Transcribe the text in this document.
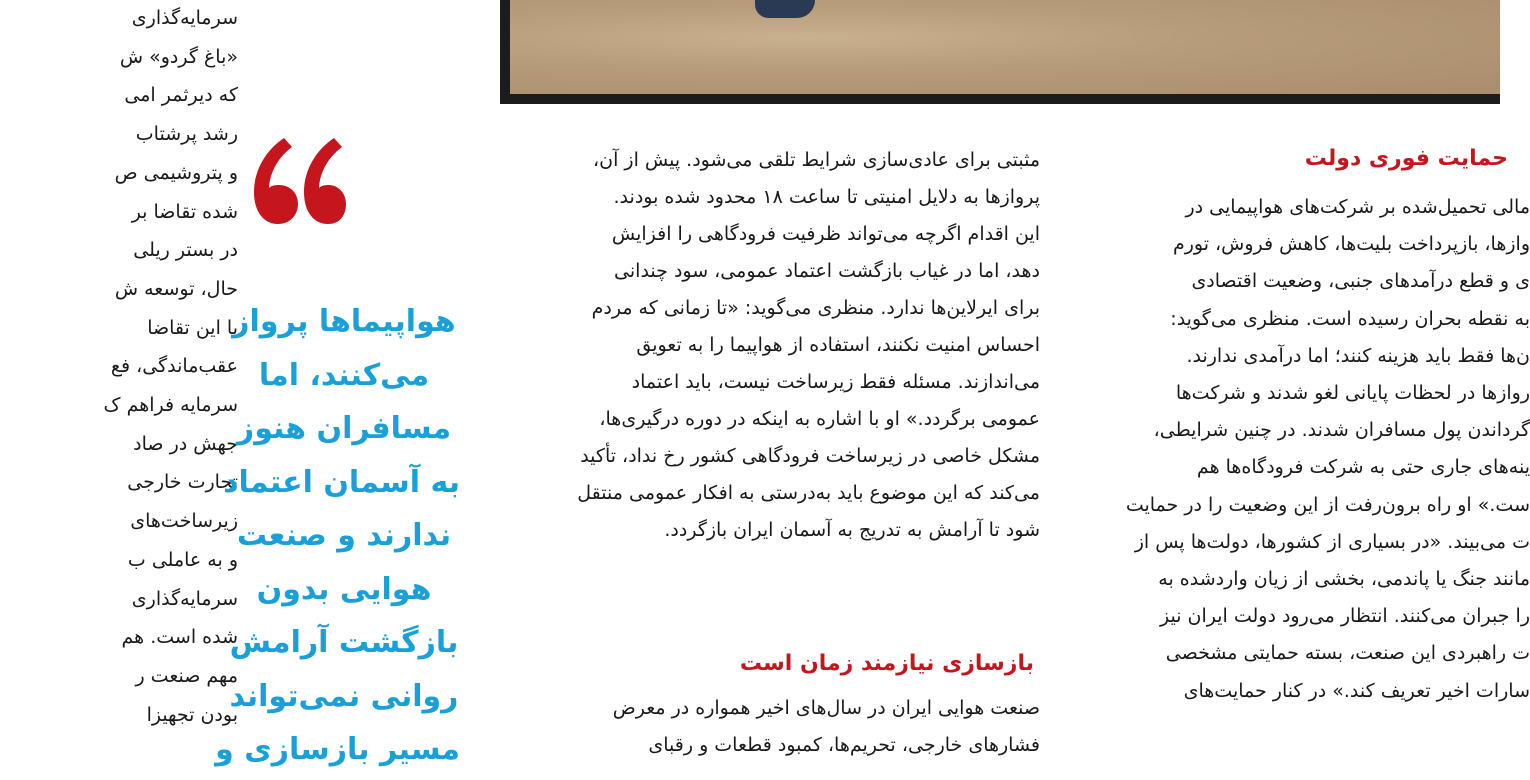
سرمایه‌گذاری
«باغ گردو» ش
که دیرثمر امی
رشد پرشتاب
و پتروشیمی ص
شده تقاضا بر
در بستر ریلی
حال، توسعه ش
با این تقاضا
عقب‌ماندگی، فع
سرمایه فراهم ک
جهش در صاد
تجارت خارجی
زیرساخت‌های
و به عاملی ب
سرمایه‌گذاری
شده است. هم
مهم صنعت ر
بودن تجهیزا
هواپیماها پرواز
می‌کنند، اما
مسافران هنوز
به آسمان اعتماد
ندارند و صنعت
هوایی بدون
بازگشت آرامش
روانی نمی‌تواند
مسیر بازسازی و
بازسازی نیازمند زمان است
مثبتی برای عادی‌سازی شرایط تلقی می‌شود. پیش از آن،
پروازها به دلایل امنیتی تا ساعت ۱۸ محدود شده بودند.
این اقدام اگرچه می‌تواند ظرفیت فرودگاهی را افزایش
دهد، اما در غیاب بازگشت اعتماد عمومی، سود چندانی
برای ایرلاین‌ها ندارد. منظری می‌گوید: «تا زمانی که مردم
احساس امنیت نکنند، استفاده از هواپیما را به تعویق
می‌اندازند. مسئله فقط زیرساخت نیست، باید اعتماد
عمومی برگردد.» او با اشاره به اینکه در دوره درگیری‌ها،
مشکل خاصی در زیرساخت فرودگاهی کشور رخ نداد، تأکید
می‌کند که این موضوع باید به‌درستی به افکار عمومی منتقل
شود تا آرامش به تدریج به آسمان ایران بازگردد.
صنعت هوایی ایران در سال‌های اخیر همواره در معرض
فشارهای خارجی، تحریم‌ها، کمبود قطعات و رقبای
حمایت فوری دولت
مالی تحمیل‌شده بر شرکت‌های هواپیمایی در
وازها، بازپرداخت بلیت‌ها، کاهش فروش، تورم
ی و قطع درآمدهای جنبی، وضعیت اقتصادی
به نقطه بحران رسیده است. منظری می‌گوید:
ن‌ها فقط باید هزینه کنند؛ اما درآمدی ندارند.
روازها در لحظات پایانی لغو شدند و شرکت‌ها
گرداندن پول مسافران شدند. در چنین شرایطی،
ینه‌های جاری حتی به شرکت فرودگاه‌ها هم
ست.» او راه برون‌رفت از این وضعیت را در حمایت
ت می‌بیند. «در بسیاری از کشورها، دولت‌ها پس از
مانند جنگ یا پاندمی، بخشی از زیان واردشده به
را جبران می‌کنند. انتظار می‌رود دولت ایران نیز
ت راهبردی این صنعت، بسته حمایتی مشخصی
سارات اخیر تعریف کند.» در کنار حمایت‌های
